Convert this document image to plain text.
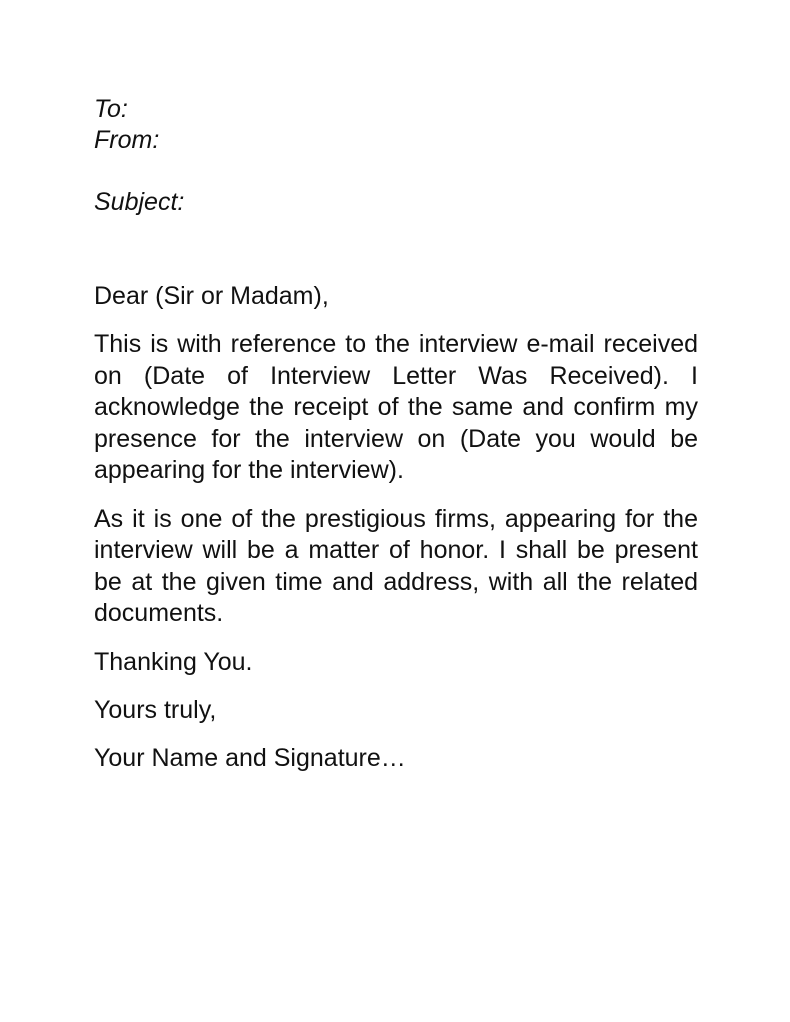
To:
From:
Subject:

Dear (Sir or Madam),

This is with reference to the interview e-mail received on (Date of Interview Letter Was Received). I acknowledge the receipt of the same and confirm my presence for the interview on (Date you would be appearing for the interview).

As it is one of the prestigious firms, appearing for the interview will be a matter of honor. I shall be present be at the given time and address, with all the related documents.

Thanking You.

Yours truly,

Your Name and Signature…
